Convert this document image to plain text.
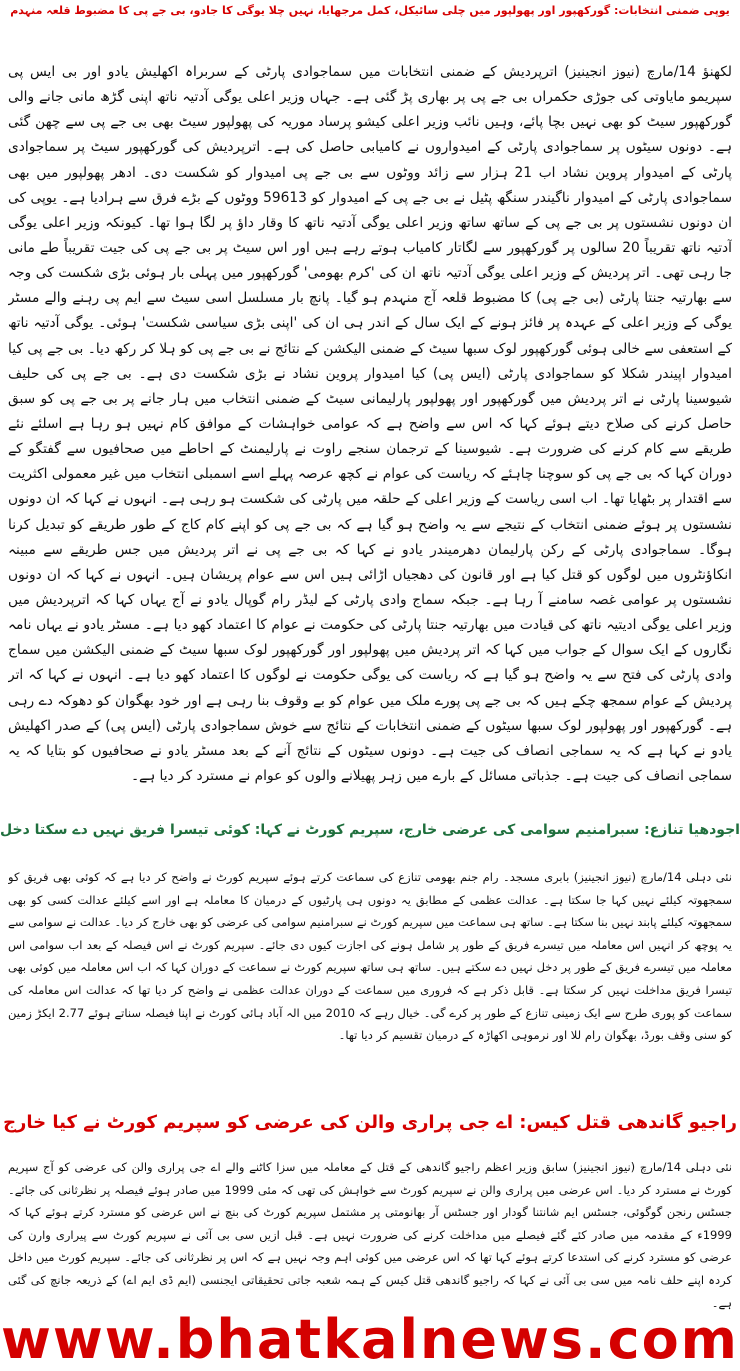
یوپی ضمنی انتخابات: گورکھپور اور پھولپور میں چلی سائیکل، کمل مرجھایا، نہیں چلا یوگی کا جادو، بی جے پی کا مضبوط قلعہ منہدم

لکھنؤ 14/مارچ (نیوز انجینیز) اترپردیش کے ضمنی انتخابات میں سماجوادی پارٹی کے سربراہ اکھلیش یادو اور بی ایس پی سپریمو مایاوتی کی جوڑی حکمراں بی جے پی پر بھاری پڑ گئی ہے۔ جہاں وزیر اعلی یوگی آدتیہ ناتھ اپنی گڑھ مانی جانے والی گورکھپور سیٹ کو بھی نہیں بچا پائے، وہیں نائب وزیر اعلی کیشو پرساد موریہ کی پھولپور سیٹ بھی بی جے پی سے چھن گئی ہے۔ دونوں سیٹوں پر سماجوادی پارٹی کے امیدواروں نے کامیابی حاصل کی ہے۔ اترپردیش کی گورکھپور سیٹ پر سماجوادی پارٹی کے امیدوار پروین نشاد اب 21 ہزار سے زائد ووٹوں سے بی جے پی امیدوار کو شکست دی۔ ادھر پھولپور میں بھی سماجوادی پارٹی کے امیدوار ناگیندر سنگھ پٹیل نے بی جے پی کے امیدوار کو 59613 ووٹوں کے بڑے فرق سے ہرادیا ہے۔ یوپی کی ان دونوں نشستوں پر بی جے پی کے ساتھ ساتھ وزیر اعلی یوگی آدتیہ ناتھ کا وقار داؤ پر لگا ہوا تھا۔ کیونکہ وزیر اعلی یوگی آدتیہ ناتھ تقریباً 20 سالوں پر گورکھپور سے لگاتار کامیاب ہوتے رہے ہیں اور اس سیٹ پر بی جے پی کی جیت تقریباً طے مانی جا رہی تھی۔ اتر پردیش کے وزیر اعلی یوگی آدتیہ ناتھ ان کی 'کرم بھومی' گورکھپور میں پہلی بار ہوئی بڑی شکست کی وجہ سے بھارتیہ جنتا پارٹی (بی جے پی) کا مضبوط قلعہ آج منہدم ہو گیا۔ پانچ بار مسلسل اسی سیٹ سے ایم پی رہنے والے مسٹر یوگی کے وزیر اعلی کے عہدہ پر فائز ہونے کے ایک سال کے اندر ہی ان کی 'اپنی بڑی سیاسی شکست' ہوئی۔ یوگی آدتیہ ناتھ کے استعفی سے خالی ہوئی گورکھپور لوک سبھا سیٹ کے ضمنی الیکشن کے نتائج نے بی جے پی کو ہلا کر رکھ دیا۔ بی جے پی کیا امیدوار اپیندر شکلا کو سماجوادی پارٹی (ایس پی) کیا امیدوار پروین نشاد نے بڑی شکست دی ہے۔ بی جے پی کی حلیف شیوسینا پارٹی نے اتر پردیش میں گورکھپور اور پھولپور پارلیمانی سیٹ کے ضمنی انتخاب میں ہار جانے پر بی جے پی کو سبق حاصل کرنے کی صلاح دیتے ہوئے کہا کہ اس سے واضح ہے کہ عوامی خواہشات کے موافق کام نہیں ہو رہا ہے اسلئے نئے طریقے سے کام کرنے کی ضرورت ہے۔ شیوسینا کے ترجمان سنجے راوت نے پارلیمنٹ کے احاطے میں صحافیوں سے گفتگو کے دوران کہا کہ بی جے پی کو سوچنا چاہئے کہ ریاست کی عوام نے کچھ عرصہ پہلے اسے اسمبلی انتخاب میں غیر معمولی اکثریت سے اقتدار پر بٹھایا تھا۔ اب اسی ریاست کے وزیر اعلی کے حلقہ میں پارٹی کی شکست ہو رہی ہے۔ انہوں نے کہا کہ ان دونوں نشستوں پر ہوئے ضمنی انتخاب کے نتیجے سے یہ واضح ہو گیا ہے کہ بی جے پی کو اپنے کام کاج کے طور طریقے کو تبدیل کرنا ہوگا۔ سماجوادی پارٹی کے رکن پارلیمان دھرمیندر یادو نے کہا کہ بی جے پی نے اتر پردیش میں جس طریقے سے مبینہ انکاؤنٹروں میں لوگوں کو قتل کیا ہے اور قانون کی دھجیاں اڑائی ہیں اس سے عوام پریشان ہیں۔ انہوں نے کہا کہ ان دونوں نشستوں پر عوامی غصہ سامنے آ رہا ہے۔ جبکہ سماج وادی پارٹی کے لیڈر رام گوپال یادو نے آج یہاں کہا کہ اترپردیش میں وزیر اعلی یوگی ادیتیہ ناتھ کی قیادت میں بھارتیہ جنتا پارٹی کی حکومت نے عوام کا اعتماد کھو دیا ہے۔ مسٹر یادو نے یہاں نامہ نگاروں کے ایک سوال کے جواب میں کہا کہ اتر پردیش میں پھولپور اور گورکھپور لوک سبھا سیٹ کے ضمنی الیکشن میں سماج وادی پارٹی کی فتح سے یہ واضح ہو گیا ہے کہ ریاست کی یوگی حکومت نے لوگوں کا اعتماد کھو دیا ہے۔ انہوں نے کہا کہ اتر پردیش کے عوام سمجھ چکے ہیں کہ بی جے پی پورے ملک میں عوام کو بے وقوف بنا رہی ہے اور خود بھگوان کو دھوکہ دے رہی ہے۔ گورکھپور اور پھولپور لوک سبھا سیٹوں کے ضمنی انتخابات کے نتائج سے خوش سماجوادی پارٹی (ایس پی) کے صدر اکھلیش یادو نے کہا ہے کہ یہ سماجی انصاف کی جیت ہے۔ دونوں سیٹوں کے نتائج آنے کے بعد مسٹر یادو نے صحافیوں کو بتایا کہ یہ سماجی انصاف کی جیت ہے۔ جذباتی مسائل کے بارے میں زہر پھیلانے والوں کو عوام نے مسترد کر دیا ہے۔

اجودھیا تنازع: سبرامنیم سوامی کی عرضی خارج، سپریم کورٹ نے کہا: کوئی تیسرا فریق نہیں دے سکتا دخل

نئی دہلی 14/مارچ (نیوز انجینیز) بابری مسجد۔ رام جنم بھومی تنازع کی سماعت کرتے ہوئے سپریم کورٹ نے واضح کر دیا ہے کہ کوئی بھی فریق کو سمجھوتہ کیلئے نہیں کہا جا سکتا ہے۔ عدالت عظمی کے مطابق یہ دونوں ہی پارٹیوں کے درمیان کا معاملہ ہے اور اسے کیلئے عدالت کسی کو بھی سمجھوتہ کیلئے پابند نہیں بنا سکتا ہے۔ ساتھ ہی سماعت میں سپریم کورٹ نے سبرامنیم سوامی کی عرضی کو بھی خارج کر دیا۔ عدالت نے سوامی سے یہ پوچھ کر انہیں اس معاملہ میں تیسرے فریق کے طور پر شامل ہونے کی اجازت کیوں دی جائے۔ سپریم کورٹ نے اس فیصلہ کے بعد اب سوامی اس معاملہ میں تیسرے فریق کے طور پر دخل نہیں دے سکتے ہیں۔ ساتھ ہی ساتھ سپریم کورٹ نے سماعت کے دوران کہا کہ اب اس معاملہ میں کوئی بھی تیسرا فریق مداخلت نہیں کر سکتا ہے۔ قابل ذکر ہے کہ فروری میں سماعت کے دوران عدالت عظمی نے واضح کر دیا تھا کہ عدالت اس معاملہ کی سماعت کو پوری طرح سے ایک زمینی تنازع کے طور پر کرے گی۔ خیال رہے کہ 2010 میں الہ آباد ہائی کورٹ نے اپنا فیصلہ سناتے ہوئے 2.77 ایکڑ زمین کو سنی وقف بورڈ، بھگوان رام للا اور نرموہی اکھاڑہ کے درمیان تقسیم کر دیا تھا۔

راجیو گاندھی قتل کیس: اے جی پراری والن کی عرضی کو سپریم کورٹ نے کیا خارج

نئی دہلی 14/مارچ (نیوز انجینیز) سابق وزیر اعظم راجیو گاندھی کے قتل کے معاملہ میں سزا کاٹنے والے اے جی پراری والن کی عرضی کو آج سپریم کورٹ نے مسترد کر دیا۔ اس عرضی میں پراری والن نے سپریم کورٹ سے خواہش کی تھی کہ مئی 1999 میں صادر ہوئے فیصلہ پر نظرثانی کی جائے۔ جسٹس رنجن گوگوئی، جسٹس ایم شانتنا گودار اور جسٹس آر بھانومتی پر مشتمل سپریم کورٹ کی بنچ نے اس عرضی کو مسترد کرتے ہوئے کہا کہ 1999ء کے مقدمہ میں صادر کئے گئے فیصلے میں مداخلت کرنے کی ضرورت نہیں ہے۔ قبل ازیں سی بی آئی نے سپریم کورٹ سے پیراری وارن کی عرضی کو مسترد کرنے کی استدعا کرتے ہوئے کہا تھا کہ اس عرضی میں کوئی اہم وجہ نہیں ہے کہ اس پر نظرثانی کی جائے۔ سپریم کورٹ میں داخل کردہ اپنے حلف نامہ میں سی بی آئی نے کہا کہ راجیو گاندھی قتل کیس کے ہمہ شعبہ جاتی تحقیقاتی ایجنسی (ایم ڈی ایم اے) کے ذریعہ جانچ کی گئی ہے۔

www.bhatkalnews.com
